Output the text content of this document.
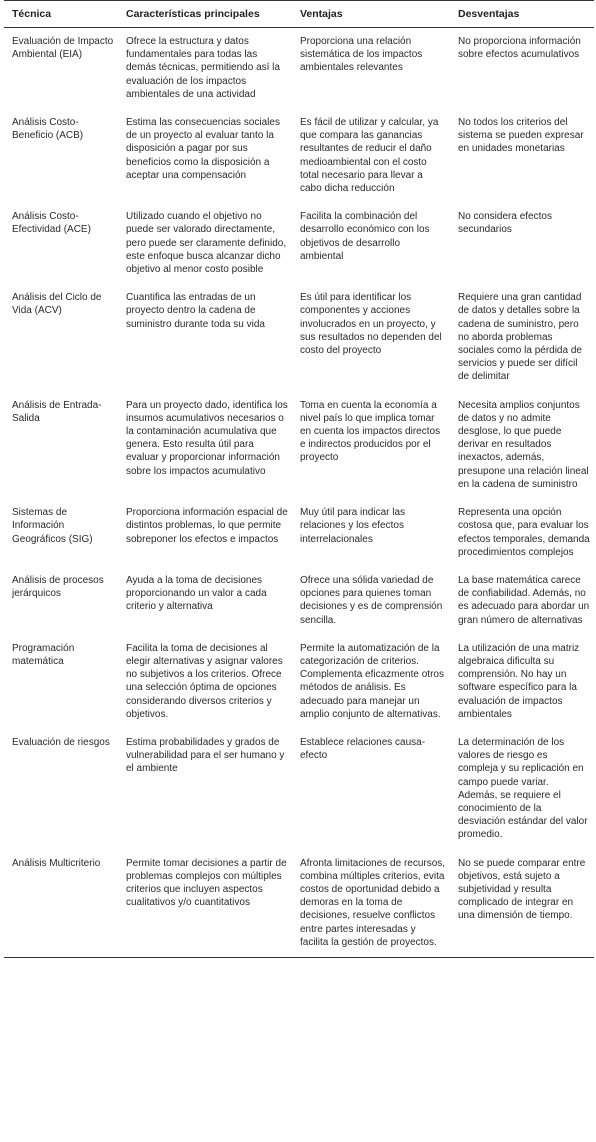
Técnica	Características principales	Ventajas	Desventajas
Evaluación de Impacto Ambiental (EIA)	Ofrece la estructura y datos fundamentales para todas las demás técnicas, permitiendo así la evaluación de los impactos ambientales de una actividad	Proporciona una relación sistemática de los impactos ambientales relevantes	No proporciona información sobre efectos acumulativos
Análisis Costo-Beneficio (ACB)	Estima las consecuencias sociales de un proyecto al evaluar tanto la disposición a pagar por sus beneficios como la disposición a aceptar una compensación	Es fácil de utilizar y calcular, ya que compara las ganancias resultantes de reducir el daño medioambiental con el costo total necesario para llevar a cabo dicha reducción	No todos los criterios del sistema se pueden expresar en unidades monetarias
Análisis Costo-Efectividad (ACE)	Utilizado cuando el objetivo no puede ser valorado directamente, pero puede ser claramente definido, este enfoque busca alcanzar dicho objetivo al menor costo posible	Facilita la combinación del desarrollo económico con los objetivos de desarrollo ambiental	No considera efectos secundarios
Análisis del Ciclo de Vida (ACV)	Cuantifica las entradas de un proyecto dentro la cadena de suministro durante toda su vida	Es útil para identificar los componentes y acciones involucrados en un proyecto, y sus resultados no dependen del costo del proyecto	Requiere una gran cantidad de datos y detalles sobre la cadena de suministro, pero no aborda problemas sociales como la pérdida de servicios y puede ser difícil de delimitar
Análisis de Entrada-Salida	Para un proyecto dado, identifica los insumos acumulativos necesarios o la contaminación acumulativa que genera. Esto resulta útil para evaluar y proporcionar información sobre los impactos acumulativo	Toma en cuenta la economía a nivel país lo que implica tomar en cuenta los impactos directos e indirectos producidos por el proyecto	Necesita amplios conjuntos de datos y no admite desglose, lo que puede derivar en resultados inexactos, además, presupone una relación lineal en la cadena de suministro
Sistemas de Información Geográficos (SIG)	Proporciona información espacial de distintos problemas, lo que permite sobreponer los efectos e impactos	Muy útil para indicar las relaciones y los efectos interrelacionales	Representa una opción costosa que, para evaluar los efectos temporales, demanda procedimientos complejos
Análisis de procesos jerárquicos	Ayuda a la toma de decisiones proporcionando un valor a cada criterio y alternativa	Ofrece una sólida variedad de opciones para quienes toman decisiones y es de comprensión sencilla.	La base matemática carece de confiabilidad. Además, no es adecuado para abordar un gran número de alternativas
Programación matemática	Facilita la toma de decisiones al elegir alternativas y asignar valores no subjetivos a los criterios. Ofrece una selección óptima de opciones considerando diversos criterios y objetivos.	Permite la automatización de la categorización de criterios. Complementa eficazmente otros métodos de análisis. Es adecuado para manejar un amplio conjunto de alternativas.	La utilización de una matriz algebraica dificulta su comprensión. No hay un software específico para la evaluación de impactos ambientales
Evaluación de riesgos	Estima probabilidades y grados de vulnerabilidad para el ser humano y el ambiente	Establece relaciones causa-efecto	La determinación de los valores de riesgo es compleja y su replicación en campo puede variar. Además, se requiere el conocimiento de la desviación estándar del valor promedio.
Análisis Multicriterio	Permite tomar decisiones a partir de problemas complejos con múltiples criterios que incluyen aspectos cualitativos y/o cuantitativos	Afronta limitaciones de recursos, combina múltiples criterios, evita costos de oportunidad debido a demoras en la toma de decisiones, resuelve conflictos entre partes interesadas y facilita la gestión de proyectos.	No se puede comparar entre objetivos, está sujeto a subjetividad y resulta complicado de integrar en una dimensión de tiempo.
